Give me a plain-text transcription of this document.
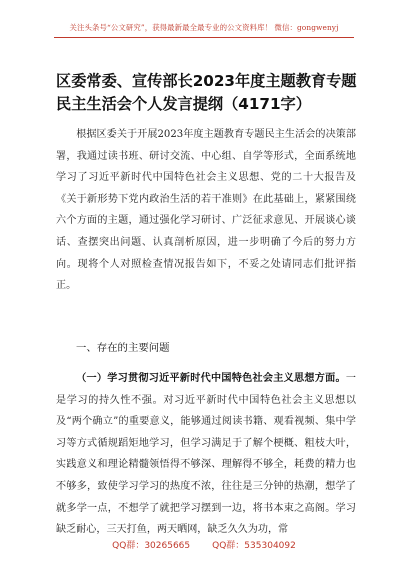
关注头条号“公文研究”，获得最新最全最专业的公文资料库！ 微信：gongwenyj
区委常委、宣传部长2023年度主题教育专题民主生活会个人发言提纲（4171字）
根据区委关于开展2023年度主题教育专题民主生活会的决策部署，我通过读书班、研讨交流、中心组、自学等形式，全面系统地学习了习近平新时代中国特色社会主义思想、党的二十大报告及《关于新形势下党内政治生活的若干准则》在此基础上，紧紧围绕六个方面的主题，通过强化学习研讨、广泛征求意见、开展谈心谈话、查摆突出问题、认真剖析原因，进一步明确了今后的努力方向。现将个人对照检查情况报告如下，不妥之处请同志们批评指正。
一、存在的主要问题
（一）学习贯彻习近平新时代中国特色社会主义思想方面。一是学习的持久性不强。对习近平新时代中国特色社会主义思想以及“两个确立”的重要意义，能够通过阅读书籍、观看视频、集中学习等方式循规蹈矩地学习，但学习满足于了解个梗概、粗枝大叶，实践意义和理论精髓领悟得不够深、理解得不够全，耗费的精力也不够多，致使学习学习的热度不浓，往往是三分钟的热潮，想学了就多学一点，不想学了就把学习摆到一边，将书本束之高阁。学习缺乏耐心，三天打鱼，两天晒网，缺乏久久为功，常
QQ群：30265665 QQ群：535304092
